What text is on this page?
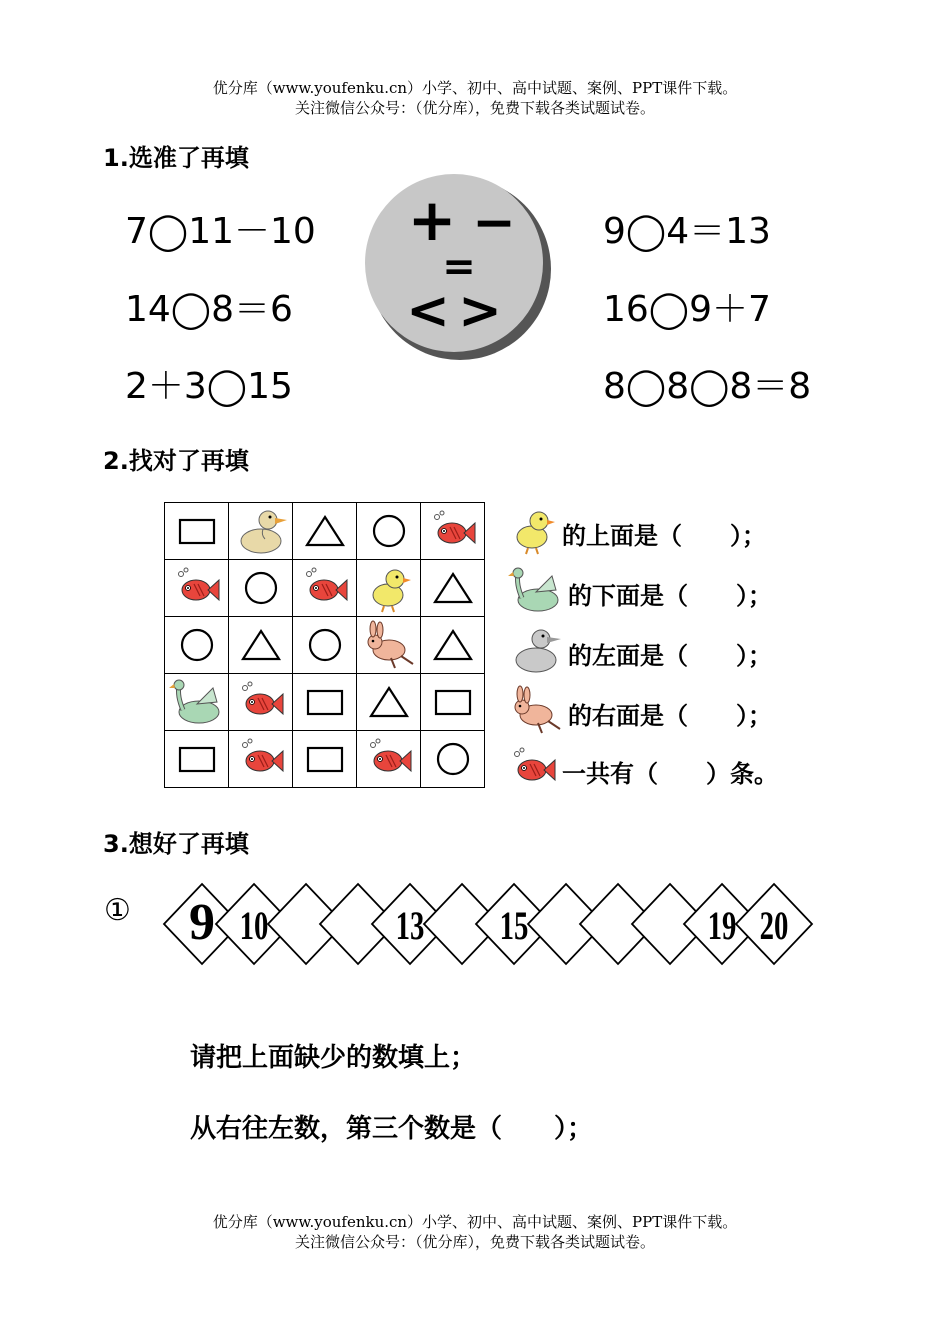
优分库（www.youfenku.cn）小学、初中、高中试题、案例、PPT课件下载。
关注微信公众号：（优分库），免费下载各类试题试卷。
1.选准了再填
7◯11－10
14◯8＝6
2＋3◯15
9◯4＝13
16◯9＋7
8◯8◯8＝8
+ −
=
< >
2.找对了再填

的上面是（　　）；
的下面是（　　）；
的左面是（　　）；
的右面是（　　）；
一共有（　　）条。
3.想好了再填
① 9 10	13 15	19 20
请把上面缺少的数填上；
从右往左数，第三个数是（　　）；
优分库（www.youfenku.cn）小学、初中、高中试题、案例、PPT课件下载。
关注微信公众号：（优分库），免费下载各类试题试卷。
